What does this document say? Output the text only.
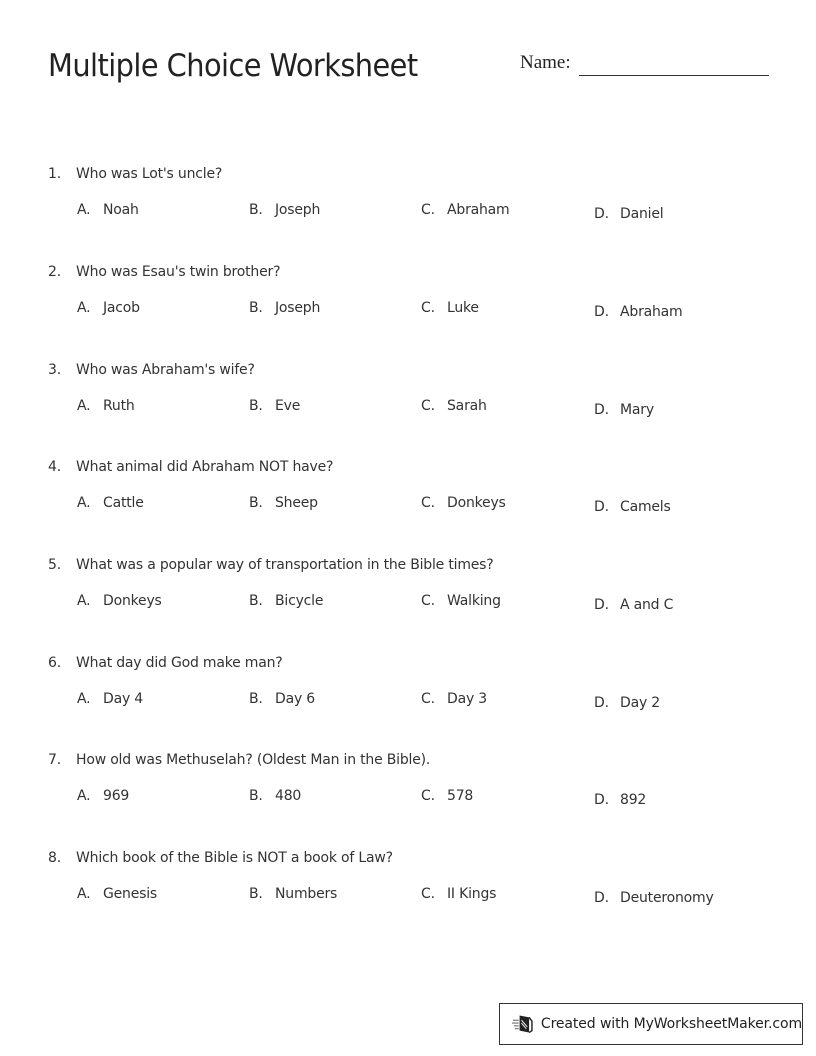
Multiple Choice Worksheet	Name:
1.	Who was Lot's uncle?
A. Noah	B. Joseph	C. Abraham	D. Daniel
2.	Who was Esau's twin brother?
A. Jacob	B. Joseph	C. Luke	D. Abraham
3.	Who was Abraham's wife?
A. Ruth	B. Eve	C. Sarah	D. Mary
4.	What animal did Abraham NOT have?
A. Cattle	B. Sheep	C. Donkeys	D. Camels
5.	What was a popular way of transportation in the Bible times?
A. Donkeys	B. Bicycle	C. Walking	D. A and C
6.	What day did God make man?
A. Day 4	B. Day 6	C. Day 3	D. Day 2
7.	How old was Methuselah? (Oldest Man in the Bible).
A. 969	B. 480	C. 578	D. 892
8.	Which book of the Bible is NOT a book of Law?
A. Genesis	B. Numbers	C. II Kings	D. Deuteronomy
Created with MyWorksheetMaker.com
